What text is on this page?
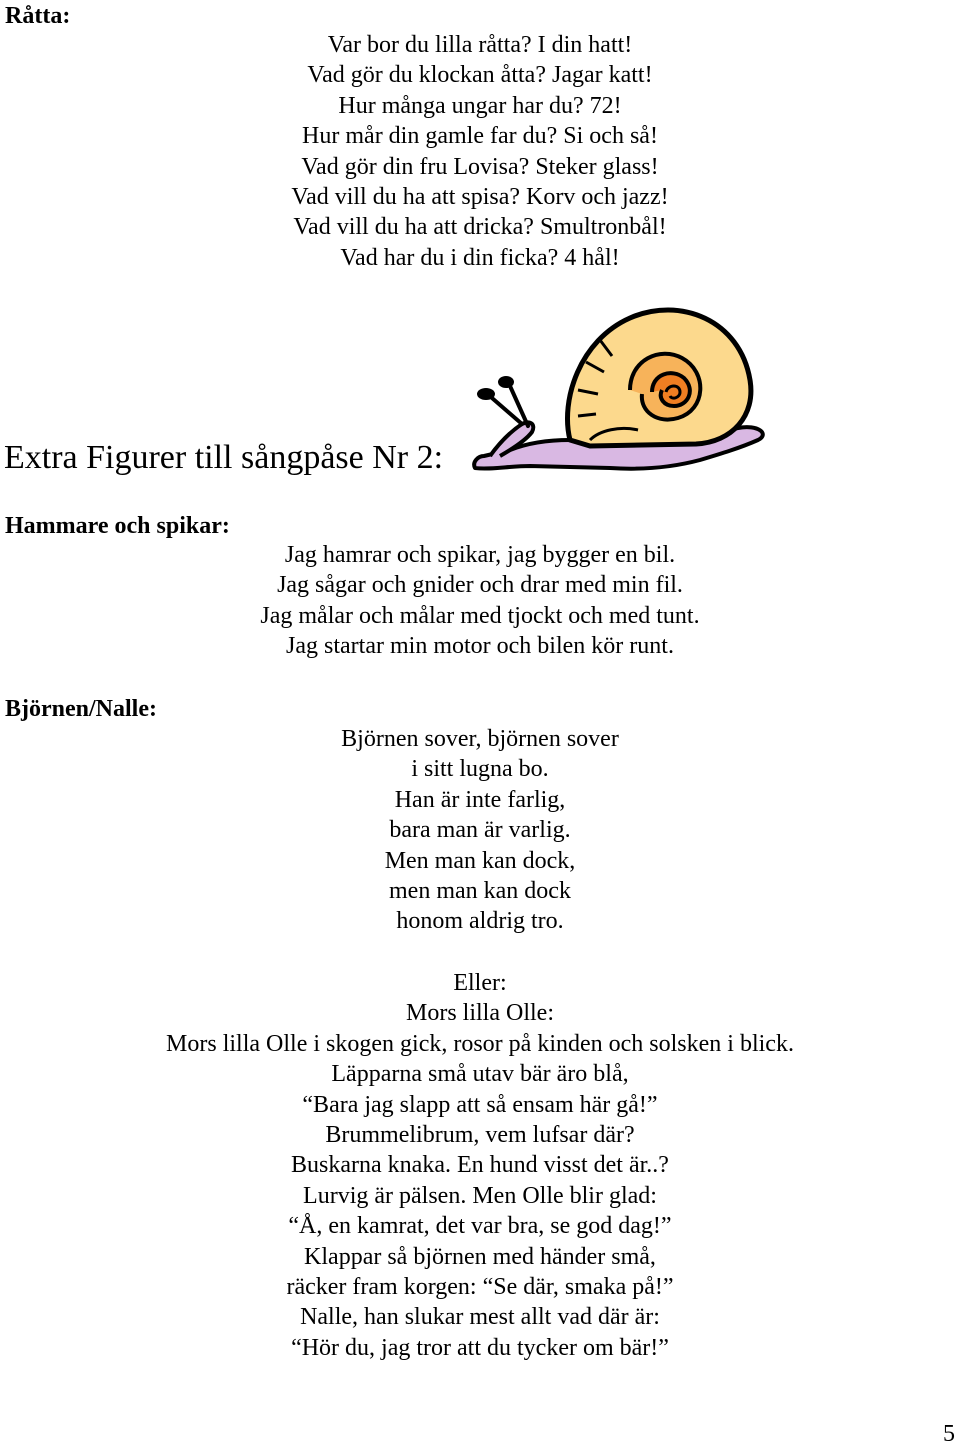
Råtta:
Var bor du lilla råtta? I din hatt!
Vad gör du klockan åtta? Jagar katt!
Hur många ungar har du? 72!
Hur mår din gamle far du? Si och så!
Vad gör din fru Lovisa? Steker glass!
Vad vill du ha att spisa? Korv och jazz!
Vad vill du ha att dricka? Smultronbål!
Vad har du i din ficka? 4 hål!
Extra Figurer till sångpåse Nr 2:
Hammare och spikar:
Jag hamrar och spikar, jag bygger en bil.
Jag sågar och gnider och drar med min fil.
Jag målar och målar med tjockt och med tunt.
Jag startar min motor och bilen kör runt.
Björnen/Nalle:
Björnen sover, björnen sover
i sitt lugna bo.
Han är inte farlig,
bara man är varlig.
Men man kan dock,
men man kan dock
honom aldrig tro.
Eller:
Mors lilla Olle:
Mors lilla Olle i skogen gick, rosor på kinden och solsken i blick.
Läpparna små utav bär äro blå,
“Bara jag slapp att så ensam här gå!”
Brummelibrum, vem lufsar där?
Buskarna knaka. En hund visst det är..?
Lurvig är pälsen. Men Olle blir glad:
“Å, en kamrat, det var bra, se god dag!”
Klappar så björnen med händer små,
räcker fram korgen: “Se där, smaka på!”
Nalle, han slukar mest allt vad där är:
“Hör du, jag tror att du tycker om bär!”
5
